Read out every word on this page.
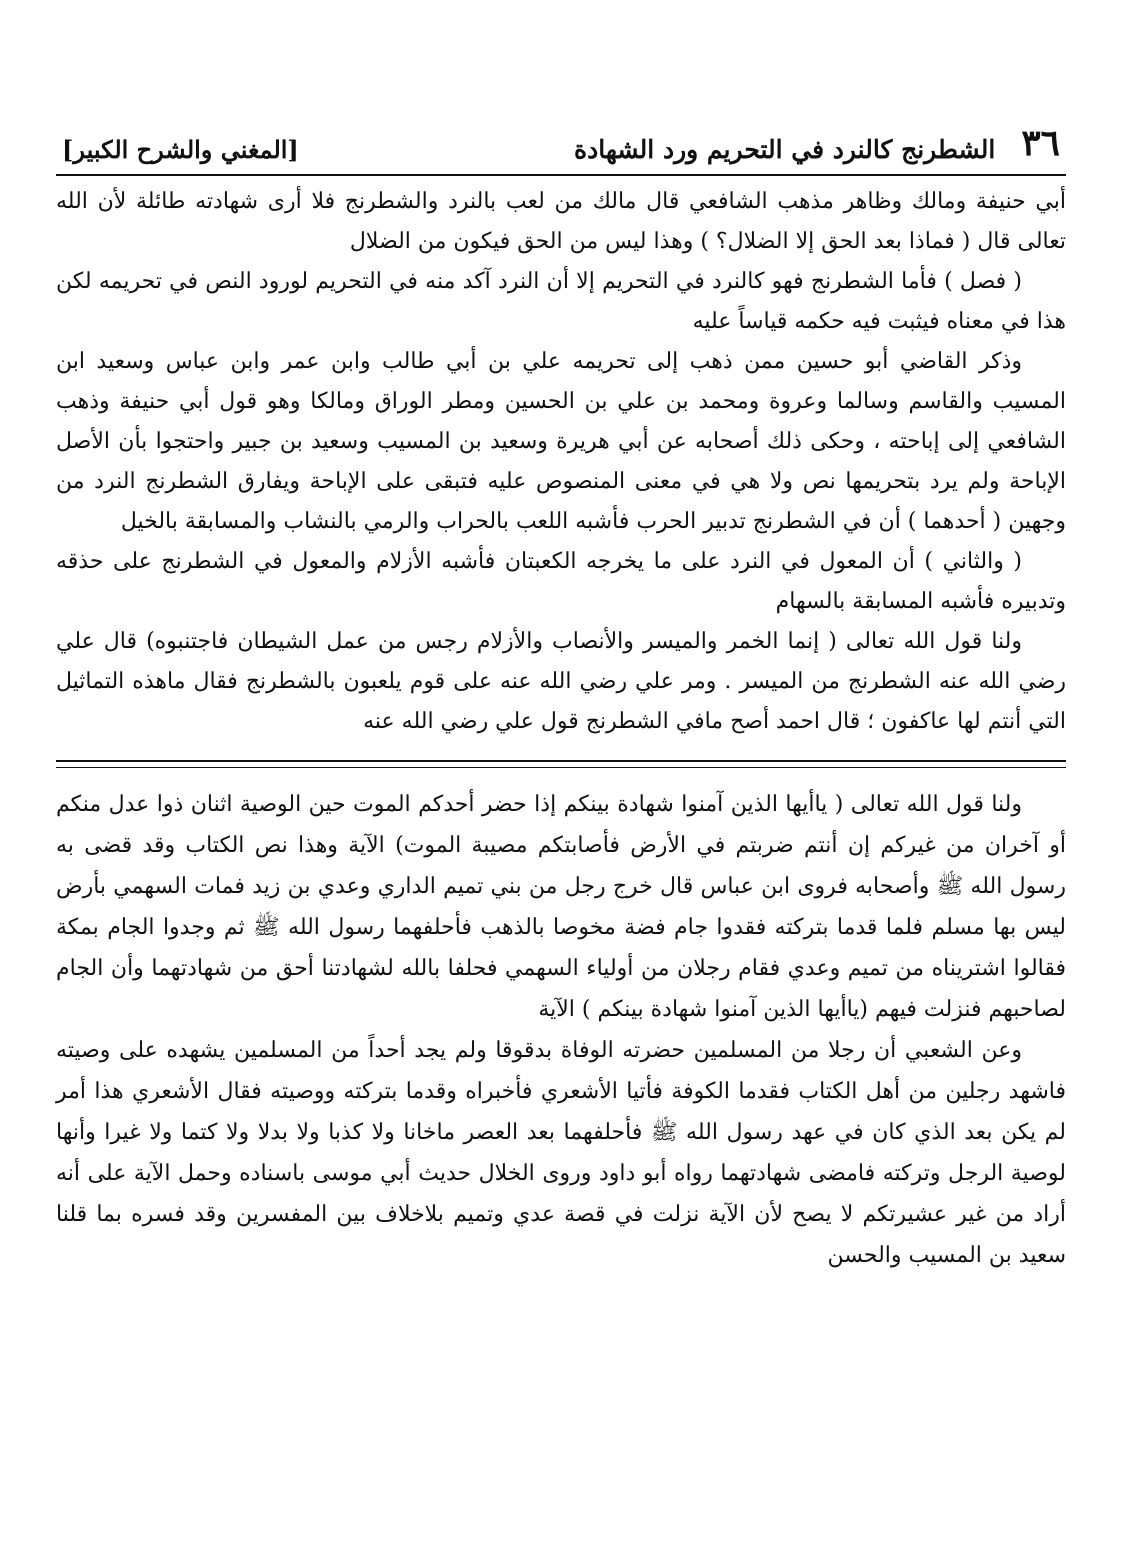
٣٦
الشطرنج كالنرد في التحريم ورد الشهادة
[المغني والشرح الكبير]

أبي حنيفة ومالك وظاهر مذهب الشافعي قال مالك من لعب بالنرد والشطرنج فلا أرى شهادته طائلة لأن الله تعالى قال ( فماذا بعد الحق إلا الضلال؟ ) وهذا ليس من الحق فيكون من الضلال

( فصل ) فأما الشطرنج فهو كالنرد في التحريم إلا أن النرد آكد منه في التحريم لورود النص في تحريمه لكن هذا في معناه فيثبت فيه حكمه قياساً عليه

وذكر القاضي أبو حسين ممن ذهب إلى تحريمه علي بن أبي طالب وابن عمر وابن عباس وسعيد ابن المسيب والقاسم وسالما وعروة ومحمد بن علي بن الحسين ومطر الوراق ومالكا وهو قول أبي حنيفة وذهب الشافعي إلى إباحته ، وحكى ذلك أصحابه عن أبي هريرة وسعيد بن المسيب وسعيد بن جبير واحتجوا بأن الأصل الإباحة ولم يرد بتحريمها نص ولا هي في معنى المنصوص عليه فتبقى على الإباحة ويفارق الشطرنج النرد من وجهين ( أحدهما ) أن في الشطرنج تدبير الحرب فأشبه اللعب بالحراب والرمي بالنشاب والمسابقة بالخيل

( والثاني ) أن المعول في النرد على ما يخرجه الكعبتان فأشبه الأزلام والمعول في الشطرنج على حذقه وتدبيره فأشبه المسابقة بالسهام

ولنا قول الله تعالى ( إنما الخمر والميسر والأنصاب والأزلام رجس من عمل الشيطان فاجتنبوه) قال علي رضي الله عنه الشطرنج من الميسر . ومر علي رضي الله عنه على قوم يلعبون بالشطرنج فقال ماهذه التماثيل التي أنتم لها عاكفون ؛ قال احمد أصح مافي الشطرنج قول علي رضي الله عنه

ولنا قول الله تعالى ( ياأيها الذين آمنوا شهادة بينكم إذا حضر أحدكم الموت حين الوصية اثنان ذوا عدل منكم أو آخران من غيركم إن أنتم ضربتم في الأرض فأصابتكم مصيبة الموت) الآية وهذا نص الكتاب وقد قضى به رسول الله ﷺ وأصحابه فروى ابن عباس قال خرج رجل من بني تميم الداري وعدي بن زيد فمات السهمي بأرض ليس بها مسلم فلما قدما بتركته فقدوا جام فضة مخوصا بالذهب فأحلفهما رسول الله ﷺ ثم وجدوا الجام بمكة فقالوا اشتريناه من تميم وعدي فقام رجلان من أولياء السهمي فحلفا بالله لشهادتنا أحق من شهادتهما وأن الجام لصاحبهم فنزلت فيهم (ياأيها الذين آمنوا شهادة بينكم ) الآية

وعن الشعبي أن رجلا من المسلمين حضرته الوفاة بدقوقا ولم يجد أحداً من المسلمين يشهده على وصيته فاشهد رجلين من أهل الكتاب فقدما الكوفة فأتيا الأشعري فأخبراه وقدما بتركته ووصيته فقال الأشعري هذا أمر لم يكن بعد الذي كان في عهد رسول الله ﷺ فأحلفهما بعد العصر ماخانا ولا كذبا ولا بدلا ولا كتما ولا غيرا وأنها لوصية الرجل وتركته فامضى شهادتهما رواه أبو داود وروى الخلال حديث أبي موسى باسناده وحمل الآية على أنه أراد من غير عشيرتكم لا يصح لأن الآية نزلت في قصة عدي وتميم بلاخلاف بين المفسرين وقد فسره بما قلنا سعيد بن المسيب والحسن
